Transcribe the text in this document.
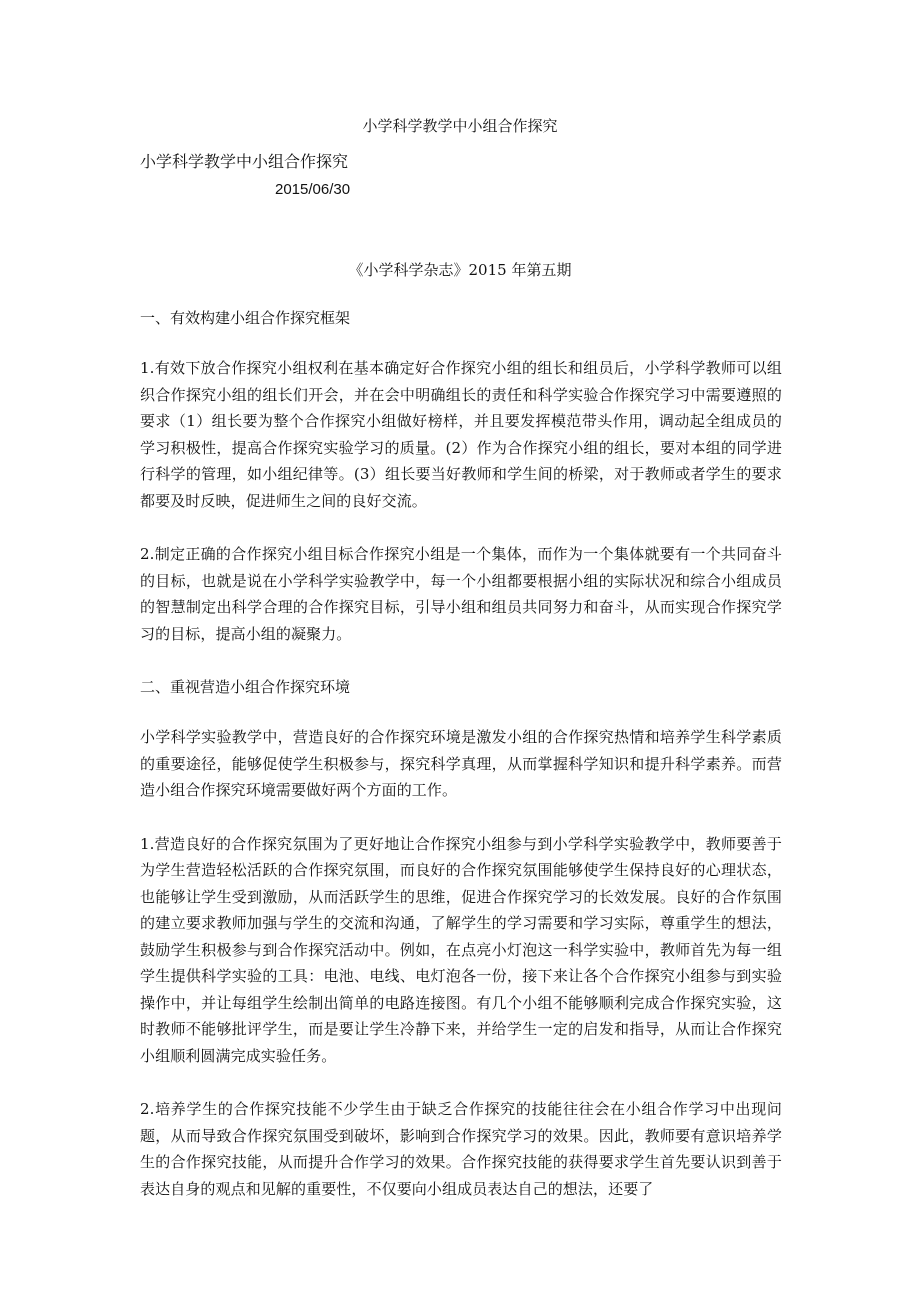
小学科学教学中小组合作探究

小学科学教学中小组合作探究

2015/06/30

《小学科学杂志》2015 年第五期

一、有效构建小组合作探究框架

1.有效下放合作探究小组权利在基本确定好合作探究小组的组长和组员后，小学科学教师可以组织合作探究小组的组长们开会，并在会中明确组长的责任和科学实验合作探究学习中需要遵照的要求（1）组长要为整个合作探究小组做好榜样，并且要发挥模范带头作用，调动起全组成员的学习积极性，提高合作探究实验学习的质量。(2）作为合作探究小组的组长，要对本组的同学进行科学的管理，如小组纪律等。(3）组长要当好教师和学生间的桥梁，对于教师或者学生的要求都要及时反映，促进师生之间的良好交流。

2.制定正确的合作探究小组目标合作探究小组是一个集体，而作为一个集体就要有一个共同奋斗的目标，也就是说在小学科学实验教学中，每一个小组都要根据小组的实际状况和综合小组成员的智慧制定出科学合理的合作探究目标，引导小组和组员共同努力和奋斗，从而实现合作探究学习的目标，提高小组的凝聚力。

二、重视营造小组合作探究环境

小学科学实验教学中，营造良好的合作探究环境是激发小组的合作探究热情和培养学生科学素质的重要途径，能够促使学生积极参与，探究科学真理，从而掌握科学知识和提升科学素养。而营造小组合作探究环境需要做好两个方面的工作。

1.营造良好的合作探究氛围为了更好地让合作探究小组参与到小学科学实验教学中，教师要善于为学生营造轻松活跃的合作探究氛围，而良好的合作探究氛围能够使学生保持良好的心理状态，也能够让学生受到激励，从而活跃学生的思维，促进合作探究学习的长效发展。良好的合作氛围的建立要求教师加强与学生的交流和沟通，了解学生的学习需要和学习实际，尊重学生的想法，鼓励学生积极参与到合作探究活动中。例如，在点亮小灯泡这一科学实验中，教师首先为每一组学生提供科学实验的工具：电池、电线、电灯泡各一份，接下来让各个合作探究小组参与到实验操作中，并让每组学生绘制出简单的电路连接图。有几个小组不能够顺利完成合作探究实验，这时教师不能够批评学生，而是要让学生冷静下来，并给学生一定的启发和指导，从而让合作探究小组顺利圆满完成实验任务。

2.培养学生的合作探究技能不少学生由于缺乏合作探究的技能往往会在小组合作学习中出现问题，从而导致合作探究氛围受到破坏，影响到合作探究学习的效果。因此，教师要有意识培养学生的合作探究技能，从而提升合作学习的效果。合作探究技能的获得要求学生首先要认识到善于表达自身的观点和见解的重要性，不仅要向小组成员表达自己的想法，还要了
